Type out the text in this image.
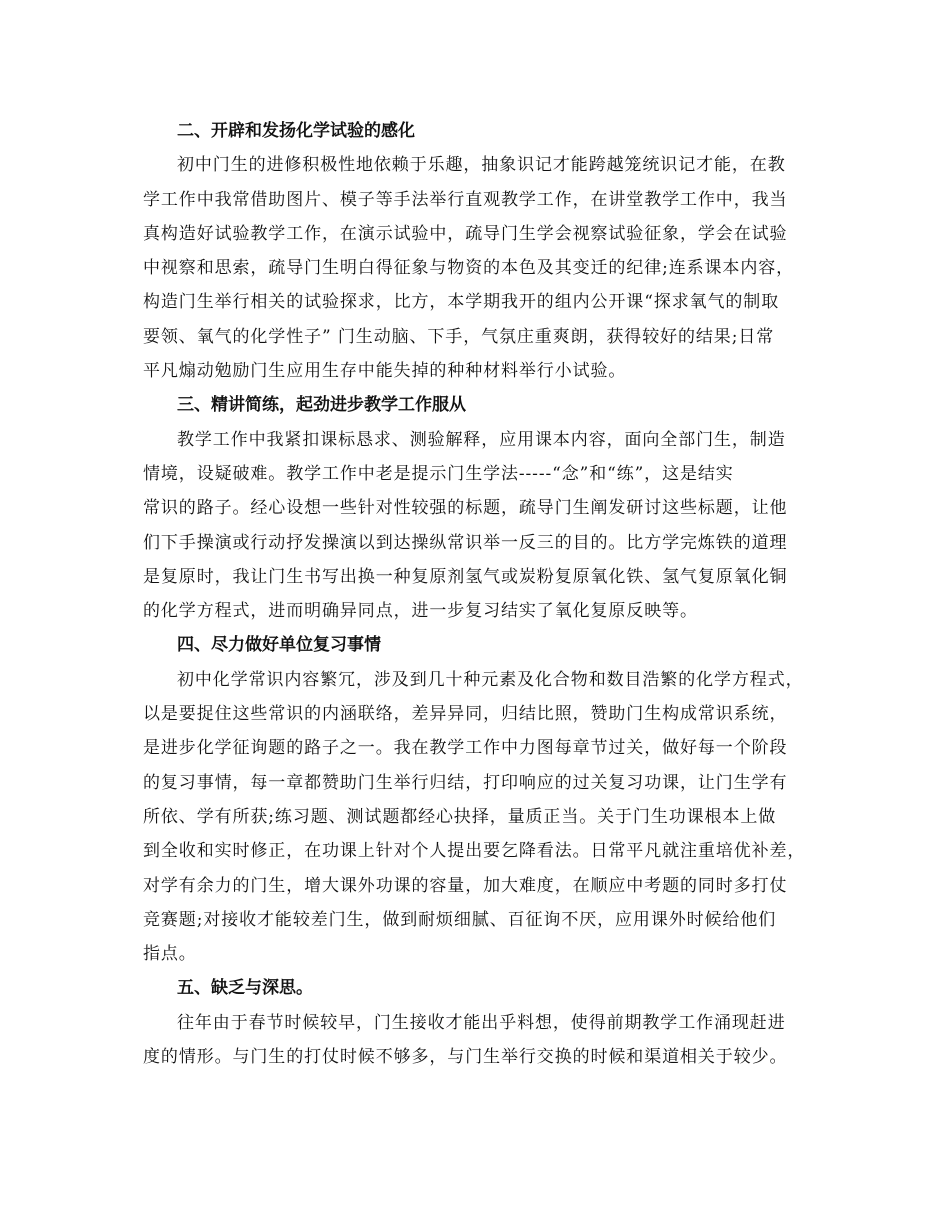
二、开辟和发扬化学试验的感化
初中门生的进修积极性地依赖于乐趣，抽象识记才能跨越笼统识记才能，在教
学工作中我常借助图片、模子等手法举行直观教学工作，在讲堂教学工作中，我当
真构造好试验教学工作，在演示试验中，疏导门生学会视察试验征象，学会在试验
中视察和思索，疏导门生明白得征象与物资的本色及其变迁的纪律;连系课本内容，
构造门生举行相关的试验探求，比方，本学期我开的组内公开课“探求氧气的制取
要领、氧气的化学性子” 门生动脑、下手，气氛庄重爽朗，获得较好的结果;日常
平凡煽动勉励门生应用生存中能失掉的种种材料举行小试验。
三、精讲简练，起劲进步教学工作服从
教学工作中我紧扣课标恳求、测验解释，应用课本内容，面向全部门生，制造
情境，设疑破难。教学工作中老是提示门生学法-----“念”和“练”，这是结实
常识的路子。经心设想一些针对性较强的标题，疏导门生阐发研讨这些标题，让他
们下手操演或行动抒发操演以到达操纵常识举一反三的目的。比方学完炼铁的道理
是复原时，我让门生书写出换一种复原剂氢气或炭粉复原氧化铁、氢气复原氧化铜
的化学方程式，进而明确异同点，进一步复习结实了氧化复原反映等。
四、尽力做好单位复习事情
初中化学常识内容繁冗，涉及到几十种元素及化合物和数目浩繁的化学方程式，
以是要捉住这些常识的内涵联络，差异异同，归结比照，赞助门生构成常识系统，
是进步化学征询题的路子之一。我在教学工作中力图每章节过关，做好每一个阶段
的复习事情，每一章都赞助门生举行归结，打印响应的过关复习功课，让门生学有
所依、学有所获;练习题、测试题都经心抉择，量质正当。关于门生功课根本上做
到全收和实时修正，在功课上针对个人提出要乞降看法。日常平凡就注重培优补差，
对学有余力的门生，增大课外功课的容量，加大难度，在顺应中考题的同时多打仗
竞赛题;对接收才能较差门生，做到耐烦细腻、百征询不厌，应用课外时候给他们
指点。
五、缺乏与深思。
往年由于春节时候较早，门生接收才能出乎料想，使得前期教学工作涌现赶进
度的情形。与门生的打仗时候不够多，与门生举行交换的时候和渠道相关于较少。
